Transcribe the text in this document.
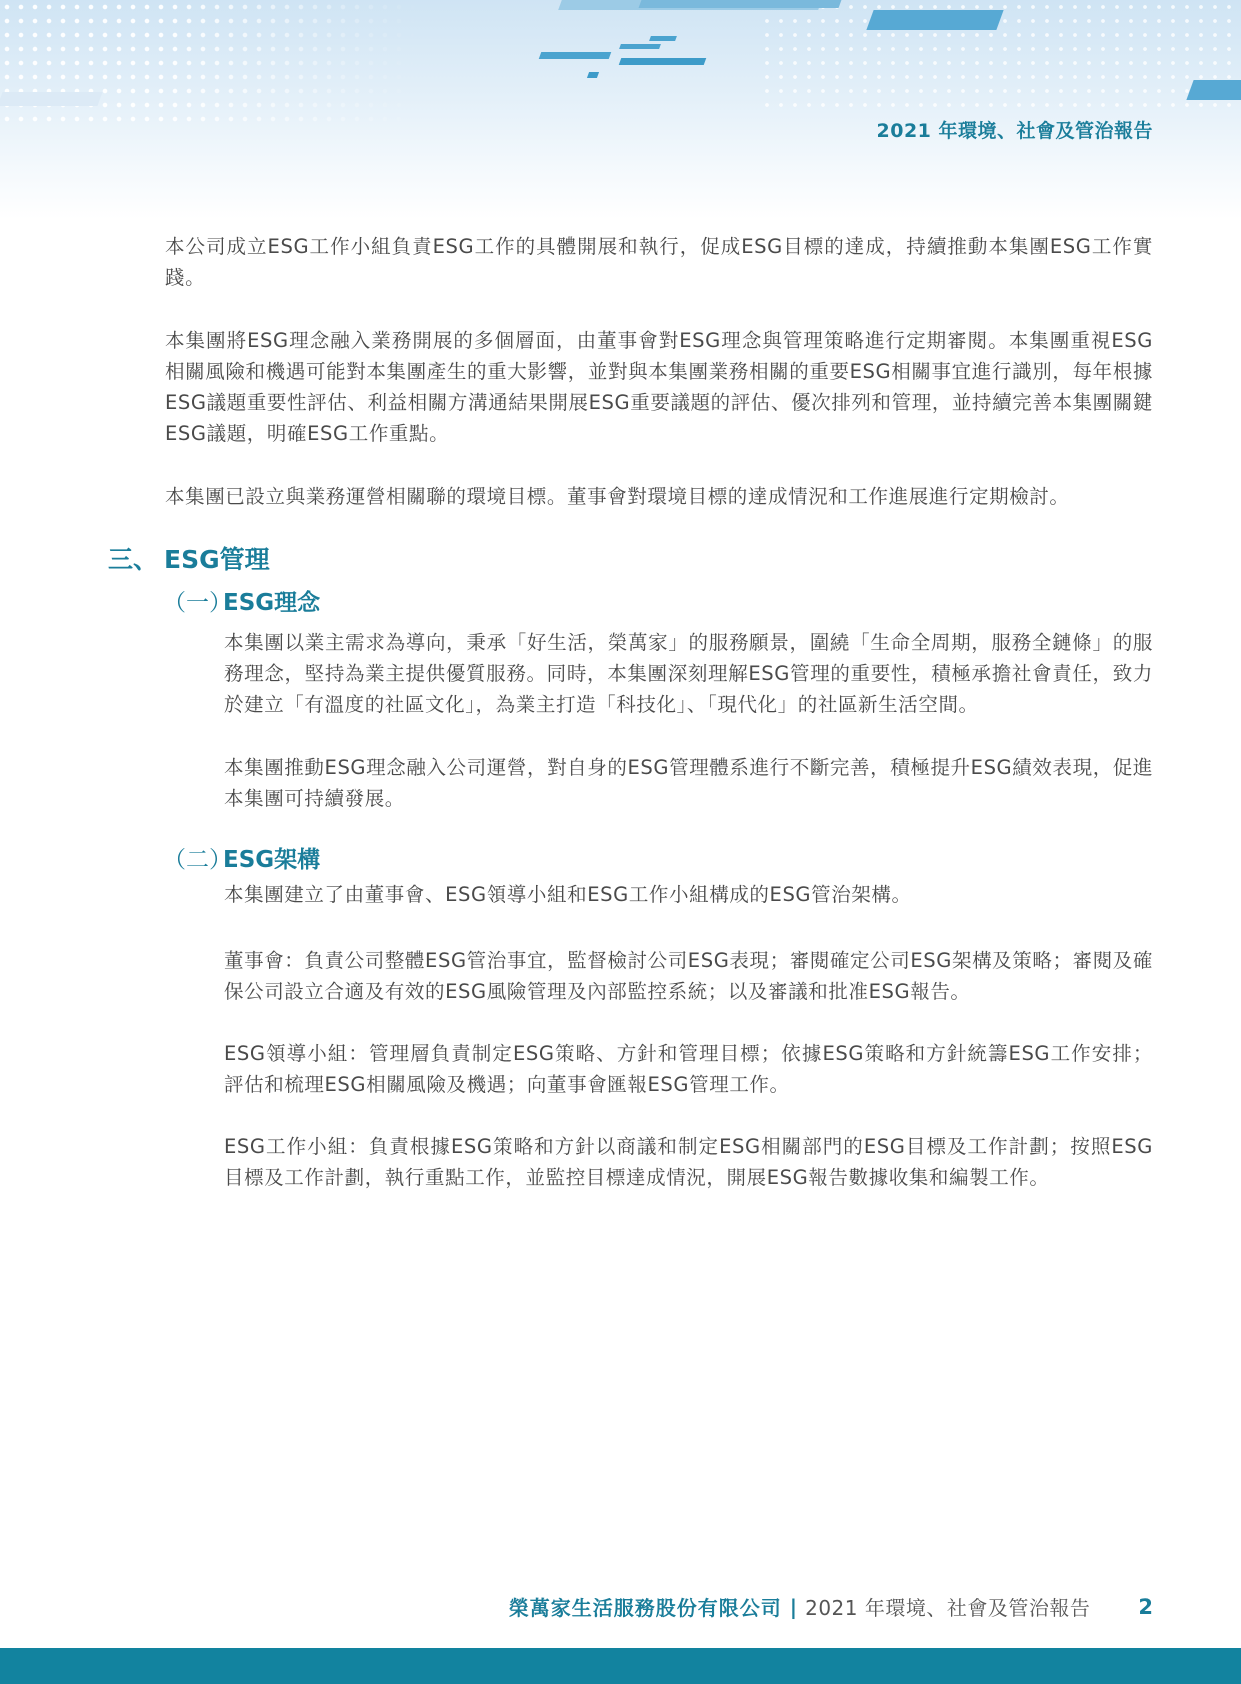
2021 年環境、社會及管治報告

本公司成立ESG工作小組負責ESG工作的具體開展和執行，促成ESG目標的達成，持續推動本集團ESG工作實踐。

本集團將ESG理念融入業務開展的多個層面，由董事會對ESG理念與管理策略進行定期審閱。本集團重視ESG相關風險和機遇可能對本集團產生的重大影響，並對與本集團業務相關的重要ESG相關事宜進行識別，每年根據ESG議題重要性評估、利益相關方溝通結果開展ESG重要議題的評估、優次排列和管理，並持續完善本集團關鍵ESG議題，明確ESG工作重點。

本集團已設立與業務運營相關聯的環境目標。董事會對環境目標的達成情況和工作進展進行定期檢討。

三、 ESG管理
（一）
ESG理念

本集團以業主需求為導向，秉承「好生活，榮萬家」的服務願景，圍繞「生命全周期，服務全鏈條」的服務理念，堅持為業主提供優質服務。同時，本集團深刻理解ESG管理的重要性，積極承擔社會責任，致力於建立「有溫度的社區文化」，為業主打造「科技化」、「現代化」的社區新生活空間。

本集團推動ESG理念融入公司運營，對自身的ESG管理體系進行不斷完善，積極提升ESG績效表現，促進本集團可持續發展。

（二）
ESG架構

本集團建立了由董事會、ESG領導小組和ESG工作小組構成的ESG管治架構。

董事會：負責公司整體ESG管治事宜，監督檢討公司ESG表現；審閱確定公司ESG架構及策略；審閱及確保公司設立合適及有效的ESG風險管理及內部監控系統；以及審議和批准ESG報告。

ESG領導小組：管理層負責制定ESG策略、方針和管理目標；依據ESG策略和方針統籌ESG工作安排；評估和梳理ESG相關風險及機遇；向董事會匯報ESG管理工作。

ESG工作小組：負責根據ESG策略和方針以商議和制定ESG相關部門的ESG目標及工作計劃；按照ESG目標及工作計劃，執行重點工作，並監控目標達成情況，開展ESG報告數據收集和編製工作。

榮萬家生活服務股份有限公司 | 2021 年環境、社會及管治報告 2
